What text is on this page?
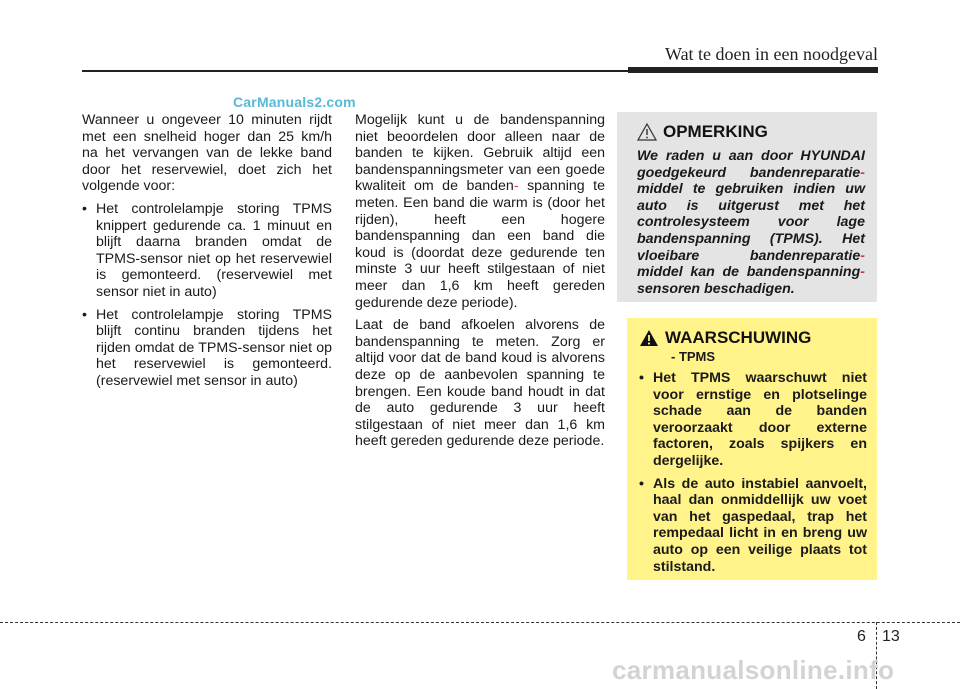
Wat te doen in een noodgeval
CarManuals2.com

Wanneer u ongeveer 10 minuten rijdt met een snelheid hoger dan 25 km/h na het vervangen van de lekke band door het reservewiel, doet zich het volgende voor:

• Het controlelampje storing TPMS knippert gedurende ca. 1 minuut en blijft daarna branden omdat de TPMS-sensor niet op het reservewiel is gemonteerd. (reservewiel met sensor niet in auto)
• Het controlelampje storing TPMS blijft continu branden tijdens het rijden omdat de TPMS-sensor niet op het reservewiel is gemonteerd. (reservewiel met sensor in auto)

Mogelijk kunt u de bandenspanning niet beoordelen door alleen naar de banden te kijken. Gebruik altijd een bandenspanningsmeter van een goede kwaliteit om de banden- spanning te meten. Een band die warm is (door het rijden), heeft een hogere bandenspanning dan een band die koud is (doordat deze gedurende ten minste 3 uur heeft stilgestaan of niet meer dan 1,6 km heeft gereden gedurende deze periode).

Laat de band afkoelen alvorens de bandenspanning te meten. Zorg er altijd voor dat de band koud is alvorens deze op de aanbevolen spanning te brengen. Een koude band houdt in dat de auto gedurende 3 uur heeft stilgestaan of niet meer dan 1,6 km heeft gereden gedurende deze periode.

OPMERKING
We raden u aan door HYUNDAI goedgekeurd bandenreparatie- middel te gebruiken indien uw auto is uitgerust met het controlesysteem voor lage bandenspanning (TPMS). Het vloeibare bandenreparatie- middel kan de bandenspanning- sensoren beschadigen.
WAARSCHUWING
- TPMS
• Het TPMS waarschuwt niet voor ernstige en plotselinge schade aan de banden veroorzaakt door externe factoren, zoals spijkers en dergelijke.
• Als de auto instabiel aanvoelt, haal dan onmiddellijk uw voet van het gaspedaal, trap het rempedaal licht in en breng uw auto op een veilige plaats tot stilstand.
6 13
carmanualsonline.info
